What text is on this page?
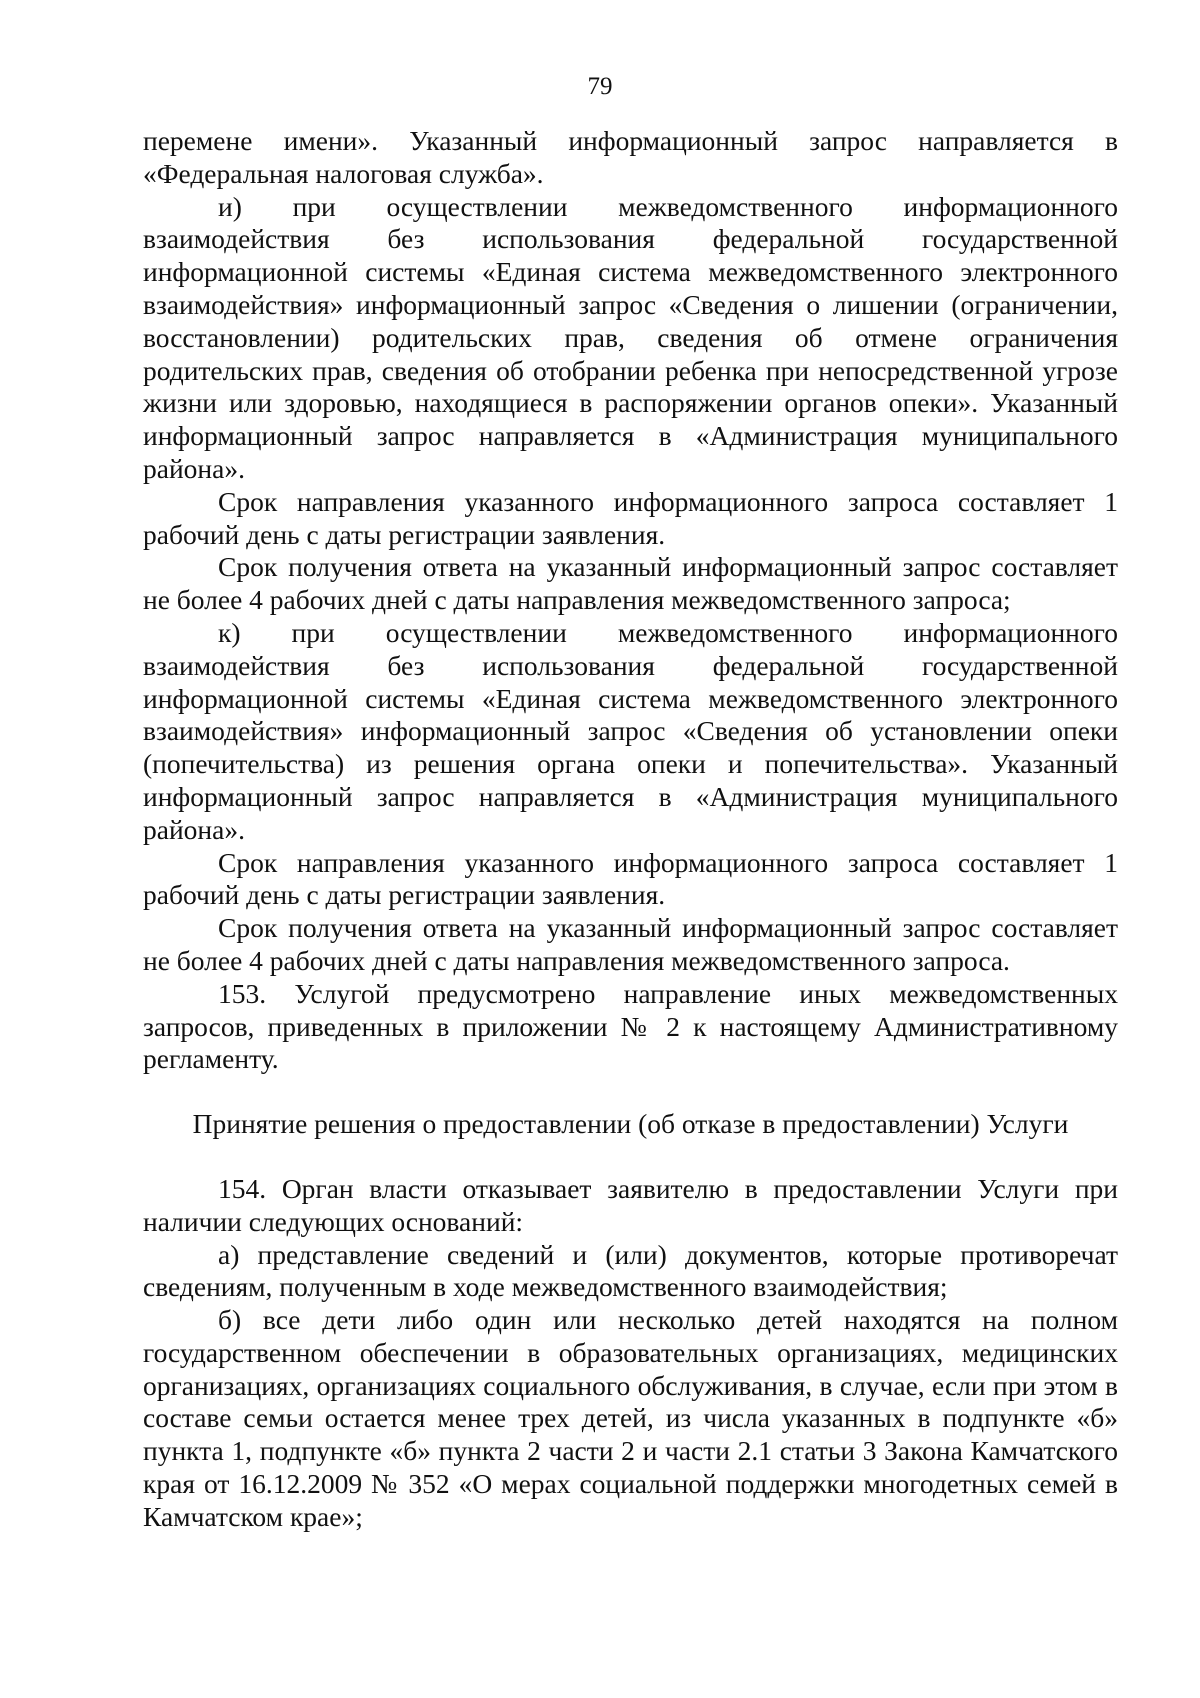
79

перемене имени». Указанный информационный запрос направляется в «Федеральная налоговая служба».

и) при осуществлении межведомственного информационного взаимодействия без использования федеральной государственной информационной системы «Единая система межведомственного электронного взаимодействия» информационный запрос «Сведения о лишении (ограничении, восстановлении) родительских прав, сведения об отмене ограничения родительских прав, сведения об отобрании ребенка при непосредственной угрозе жизни или здоровью, находящиеся в распоряжении органов опеки». Указанный информационный запрос направляется в «Администрация муниципального района».

Срок направления указанного информационного запроса составляет 1 рабочий день с даты регистрации заявления.

Срок получения ответа на указанный информационный запрос составляет не более 4 рабочих дней с даты направления межведомственного запроса;

к) при осуществлении межведомственного информационного взаимодействия без использования федеральной государственной информационной системы «Единая система межведомственного электронного взаимодействия» информационный запрос «Сведения об установлении опеки (попечительства) из решения органа опеки и попечительства». Указанный информационный запрос направляется в «Администрация муниципального района».

Срок направления указанного информационного запроса составляет 1 рабочий день с даты регистрации заявления.

Срок получения ответа на указанный информационный запрос составляет не более 4 рабочих дней с даты направления межведомственного запроса.

153. Услугой предусмотрено направление иных межведомственных запросов, приведенных в приложении № 2 к настоящему Административному регламенту.

Принятие решения о предоставлении (об отказе в предоставлении) Услуги

154. Орган власти отказывает заявителю в предоставлении Услуги при наличии следующих оснований:

а) представление сведений и (или) документов, которые противоречат сведениям, полученным в ходе межведомственного взаимодействия;

б) все дети либо один или несколько детей находятся на полном государственном обеспечении в образовательных организациях, медицинских организациях, организациях социального обслуживания, в случае, если при этом в составе семьи остается менее трех детей, из числа указанных в подпункте «б» пункта 1, подпункте «б» пункта 2 части 2 и части 2.1 статьи 3 Закона Камчатского края от 16.12.2009 № 352 «О мерах социальной поддержки многодетных семей в Камчатском крае»;
